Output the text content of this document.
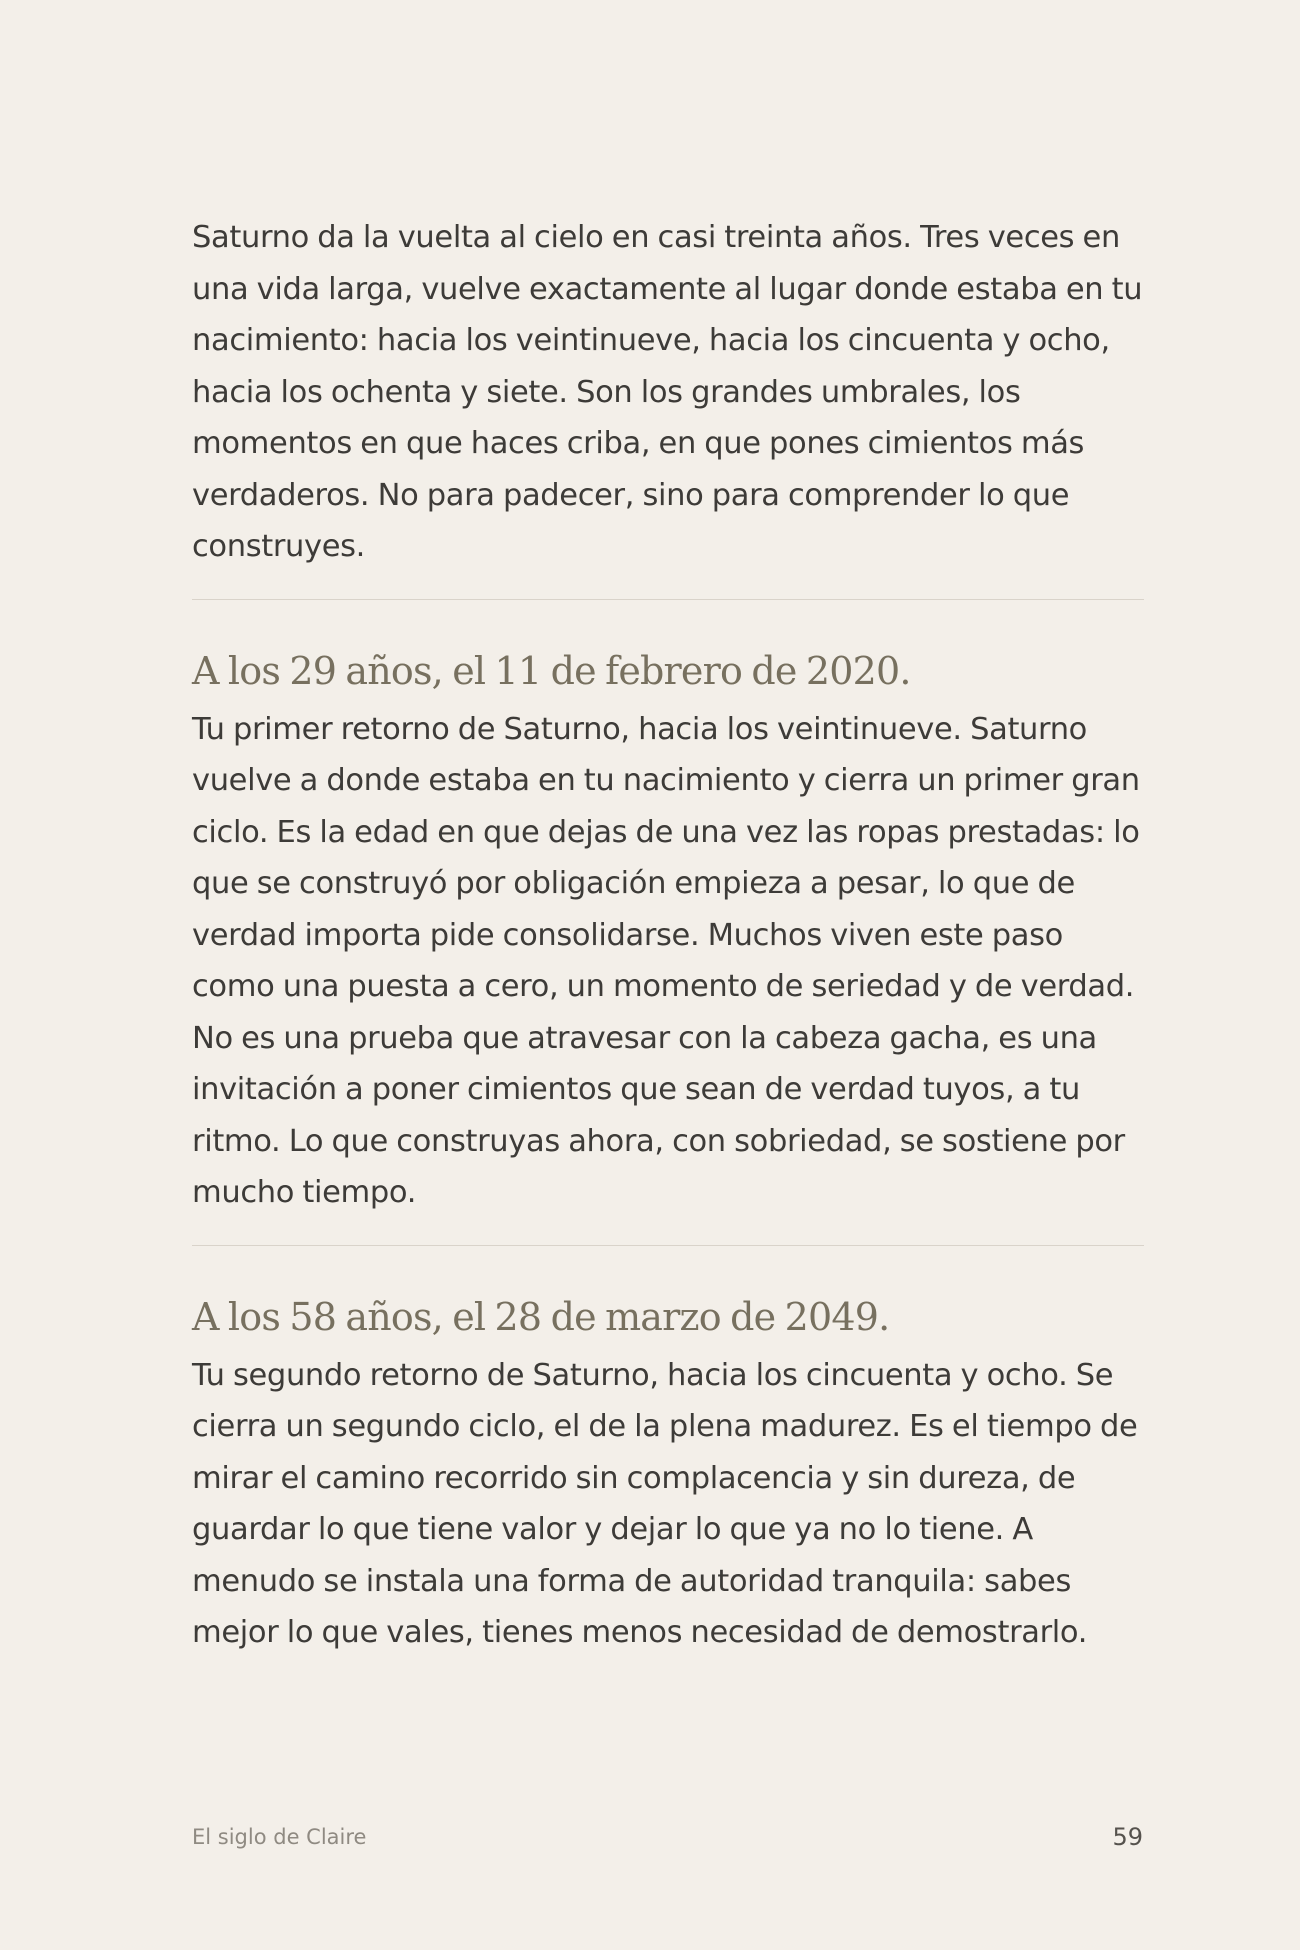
Saturno da la vuelta al cielo en casi treinta años. Tres veces en una vida larga, vuelve exactamente al lugar donde estaba en tu nacimiento: hacia los veintinueve, hacia los cincuenta y ocho, hacia los ochenta y siete. Son los grandes umbrales, los momentos en que haces criba, en que pones cimientos más verdaderos. No para padecer, sino para comprender lo que construyes.

A los 29 años, el 11 de febrero de 2020.

Tu primer retorno de Saturno, hacia los veintinueve. Saturno vuelve a donde estaba en tu nacimiento y cierra un primer gran ciclo. Es la edad en que dejas de una vez las ropas prestadas: lo que se construyó por obligación empieza a pesar, lo que de verdad importa pide consolidarse. Muchos viven este paso como una puesta a cero, un momento de seriedad y de verdad. No es una prueba que atravesar con la cabeza gacha, es una invitación a poner cimientos que sean de verdad tuyos, a tu ritmo. Lo que construyas ahora, con sobriedad, se sostiene por mucho tiempo.

A los 58 años, el 28 de marzo de 2049.

Tu segundo retorno de Saturno, hacia los cincuenta y ocho. Se cierra un segundo ciclo, el de la plena madurez. Es el tiempo de mirar el camino recorrido sin complacencia y sin dureza, de guardar lo que tiene valor y dejar lo que ya no lo tiene. A menudo se instala una forma de autoridad tranquila: sabes mejor lo que vales, tienes menos necesidad de demostrarlo.

El siglo de Claire	59
